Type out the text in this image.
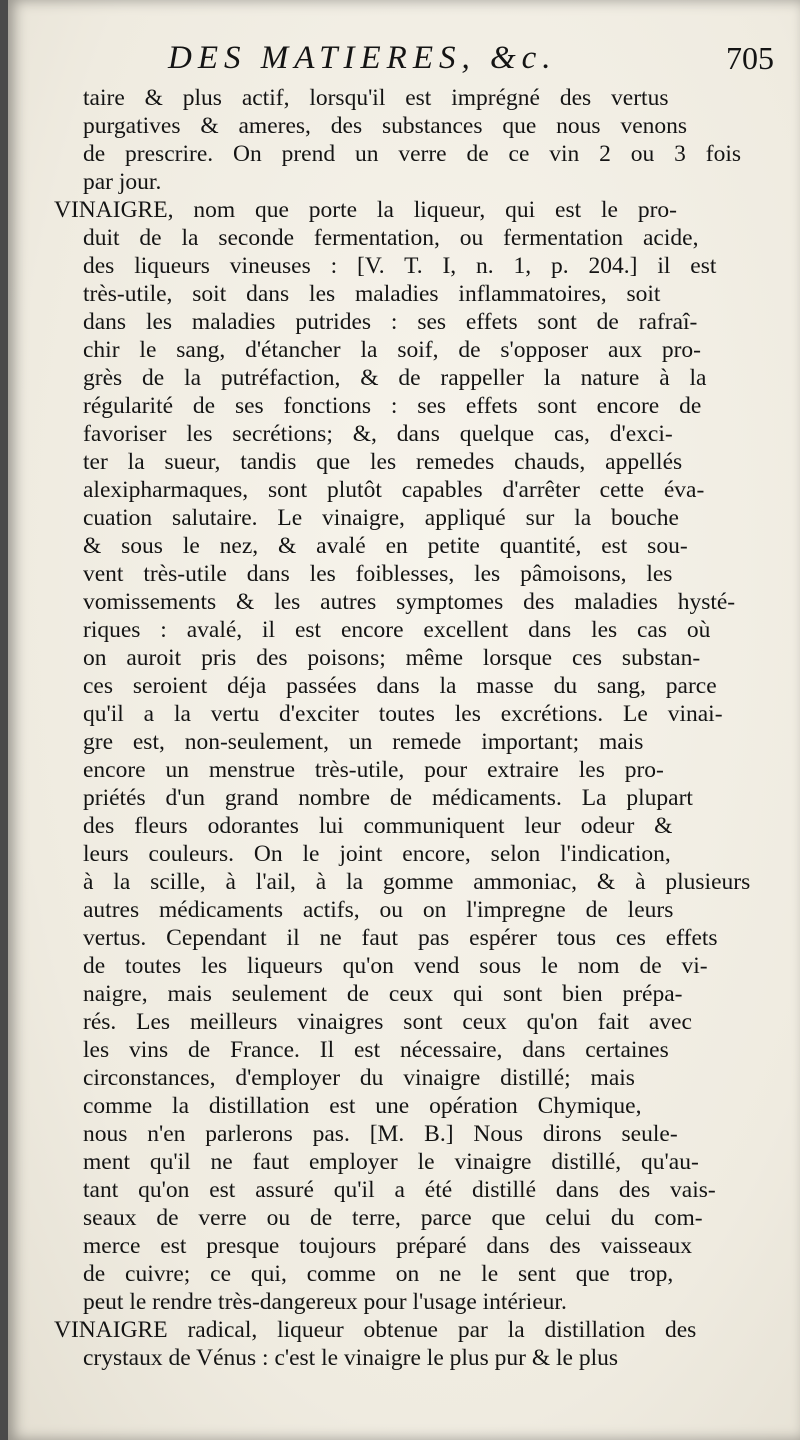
DES MATIERES, &c.	705
taire & plus actif, lorsqu'il est imprégné des vertus
purgatives & ameres, des substances que nous venons
de prescrire. On prend un verre de ce vin 2 ou 3 fois
par jour.
VINAIGRE, nom que porte la liqueur, qui est le pro-
duit de la seconde fermentation, ou fermentation acide,
des liqueurs vineuses : [V. T. I, n. 1, p. 204.] il est
très-utile, soit dans les maladies inflammatoires, soit
dans les maladies putrides : ses effets sont de rafraî-
chir le sang, d'étancher la soif, de s'opposer aux pro-
grès de la putréfaction, & de rappeller la nature à la
régularité de ses fonctions : ses effets sont encore de
favoriser les secrétions; &, dans quelque cas, d'exci-
ter la sueur, tandis que les remedes chauds, appellés
alexipharmaques, sont plutôt capables d'arrêter cette éva-
cuation salutaire. Le vinaigre, appliqué sur la bouche
& sous le nez, & avalé en petite quantité, est sou-
vent très-utile dans les foiblesses, les pâmoisons, les
vomissements & les autres symptomes des maladies hysté-
riques : avalé, il est encore excellent dans les cas où
on auroit pris des poisons; même lorsque ces substan-
ces seroient déja passées dans la masse du sang, parce
qu'il a la vertu d'exciter toutes les excrétions. Le vinai-
gre est, non-seulement, un remede important; mais
encore un menstrue très-utile, pour extraire les pro-
priétés d'un grand nombre de médicaments. La plupart
des fleurs odorantes lui communiquent leur odeur &
leurs couleurs. On le joint encore, selon l'indication,
à la scille, à l'ail, à la gomme ammoniac, & à plusieurs
autres médicaments actifs, ou on l'impregne de leurs
vertus. Cependant il ne faut pas espérer tous ces effets
de toutes les liqueurs qu'on vend sous le nom de vi-
naigre, mais seulement de ceux qui sont bien prépa-
rés. Les meilleurs vinaigres sont ceux qu'on fait avec
les vins de France. Il est nécessaire, dans certaines
circonstances, d'employer du vinaigre distillé; mais
comme la distillation est une opération Chymique,
nous n'en parlerons pas. [M. B.] Nous dirons seule-
ment qu'il ne faut employer le vinaigre distillé, qu'au-
tant qu'on est assuré qu'il a été distillé dans des vais-
seaux de verre ou de terre, parce que celui du com-
merce est presque toujours préparé dans des vaisseaux
de cuivre; ce qui, comme on ne le sent que trop,
peut le rendre très-dangereux pour l'usage intérieur.
VINAIGRE radical, liqueur obtenue par la distillation des
crystaux de Vénus : c'est le vinaigre le plus pur & le plus
